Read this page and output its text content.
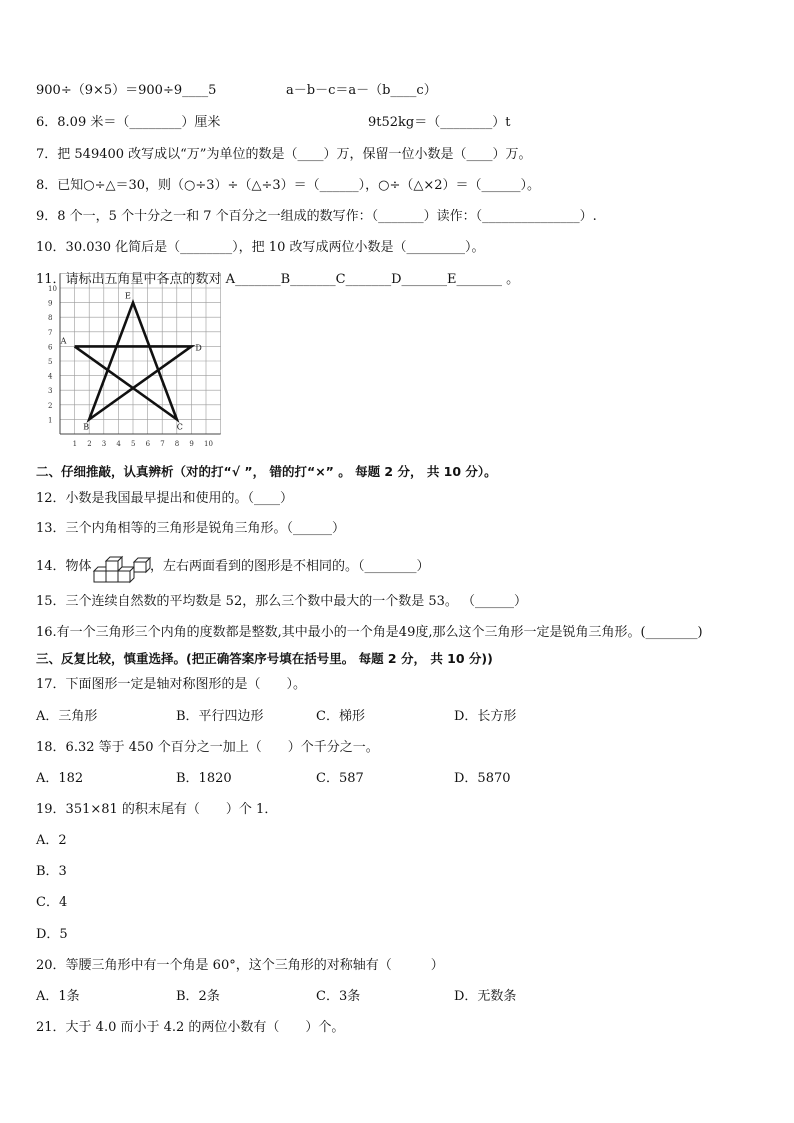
900÷（9×5）＝900÷9____5	a－b－c＝a－（b____c）
6．8.09 米＝（________）厘米	9t52kg＝（________）t
7．把 549400 改写成以“万”为单位的数是（____）万，保留一位小数是（____）万。
8．已知○÷△＝30，则（○÷3）÷（△÷3）＝（______），○÷（△×2）＝（______）。
9．8 个一，5 个十分之一和 7 个百分之一组成的数写作：（_______）读作：（_______________）.
10．30.030 化简后是（________），把 10 改写成两位小数是（_________）。
11．请标出五角星中各点的数对 A_______B_______C_______D_______E_______ 。
1 2 3 4 5 6 7 8 9 10
1
2
3
4
5
6
7
8
9
10
A
B	C
D
E
二、仔细推敲，认真辨析（对的打“√ ”， 错的打“×” 。 每题 2 分， 共 10 分）。
12．小数是我国最早提出和使用的。（____）
13．三个内角相等的三角形是锐角三角形。（______）
14．物体	，左右两面看到的图形是不相同的。（________）
15．三个连续自然数的平均数是 52，那么三个数中最大的一个数是 53。 （______）
16.有一个三角形三个内角的度数都是整数,其中最小的一个角是49度,那么这个三角形一定是锐角三角形。(________)
三、反复比较，慎重选择。(把正确答案序号填在括号里。 每题 2 分， 共 10 分))
17．下面图形一定是轴对称图形的是（　　）。
A．三角形	B．平行四边形	C．梯形	D．长方形
18．6.32 等于 450 个百分之一加上（　　）个千分之一。
A．182	B．1820	C．587	D．5870
19．351×81 的积末尾有（　　）个 1．
A．2
B．3
C．4
D．5
20．等腰三角形中有一个角是 60°，这个三角形的对称轴有（　　　）
A．1条	B．2条	C．3条	D．无数条
21．大于 4.0 而小于 4.2 的两位小数有（　　）个。
